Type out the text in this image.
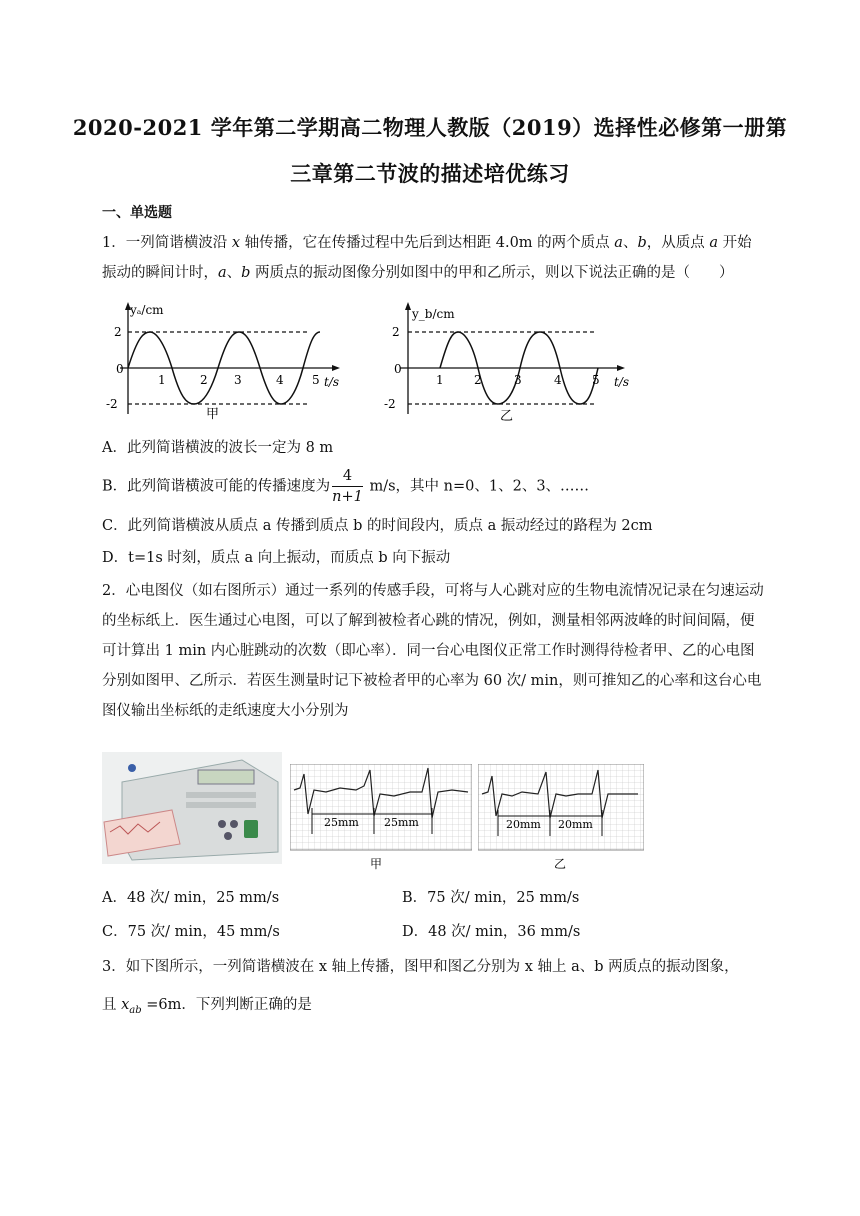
2020-2021 学年第二学期高二物理人教版（2019）选择性必修第一册第
三章第二节波的描述培优练习
一、单选题
1．一列简谐横波沿 x 轴传播，它在传播过程中先后到达相距 4.0m 的两个质点 a、b，从质点 a 开始振动的瞬间计时，a、b 两质点的振动图像分别如图中的甲和乙所示，则以下说法正确的是（　　）
yₐ/cm
t/s
2
0
-2
1	2 3	4 5
甲
y_b/cm
t/s
2
0
-2
1	2	3	4	5
乙
A．此列简谐横波的波长一定为 8 m
B．此列简谐横波可能的传播速度为 $\frac{4}{n+1} m/s$，其中 n=0、1、2、3、……
C．此列简谐横波从质点 a 传播到质点 b 的时间段内，质点 a 振动经过的路程为 2cm
D．t=1s 时刻，质点 a 向上振动，而质点 b 向下振动
2．心电图仪（如右图所示）通过一系列的传感手段，可将与人心跳对应的生物电流情况记录在匀速运动的坐标纸上．医生通过心电图，可以了解到被检者心跳的情况，例如，测量相邻两波峰的时间间隔，便可计算出 1 min 内心脏跳动的次数（即心率）．同一台心电图仪正常工作时测得待检者甲、乙的心电图分别如图甲、乙所示．若医生测量时记下被检者甲的心率为 60 次/ min，则可推知乙的心率和这台心电图仪输出坐标纸的走纸速度大小分别为
25mm 25mm
甲
20mm 20mm
乙
A．48 次/ min，25 mm/s	B．75 次/ min，25 mm/s
C．75 次/ min，45 mm/s	D．48 次/ min，36 mm/s
3．如下图所示，一列简谐横波在 x 轴上传播，图甲和图乙分别为 x 轴上 a、b 两质点的振动图象，
且 $x_{ab} =6m$．下列判断正确的是
